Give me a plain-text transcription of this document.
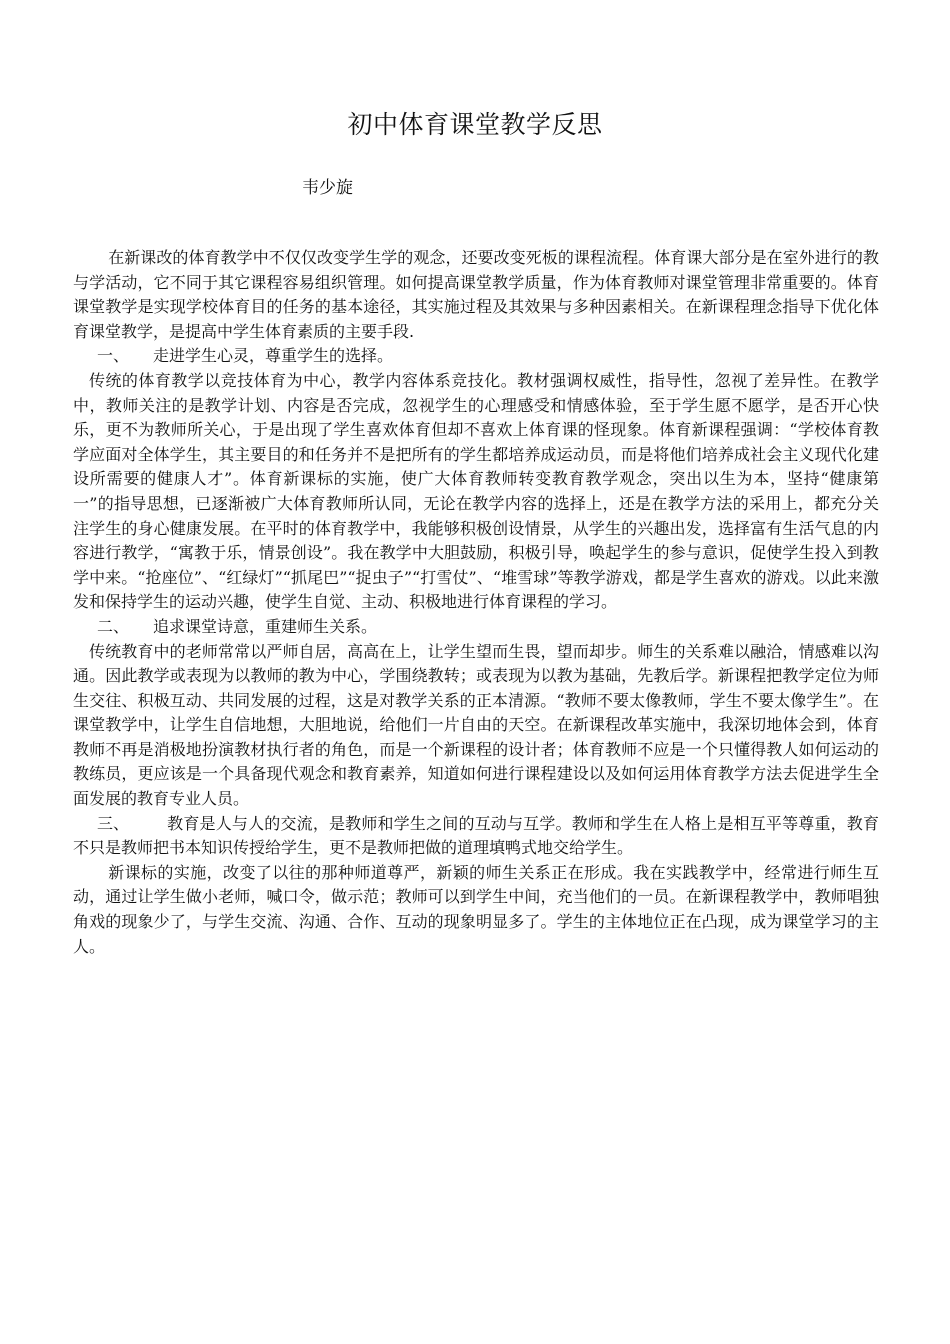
初中体育课堂教学反思
韦少旋

在新课改的体育教学中不仅仅改变学生学的观念，还要改变死板的课程流程。体育课大部分是在室外进行的教与学活动，它不同于其它课程容易组织管理。如何提高课堂教学质量，作为体育教师对课堂管理非常重要的。体育课堂教学是实现学校体育目的任务的基本途径，其实施过程及其效果与多种因素相关。在新课程理念指导下优化体育课堂教学，是提高中学生体育素质的主要手段.

一、 走进学生心灵，尊重学生的选择。

传统的体育教学以竞技体育为中心，教学内容体系竞技化。教材强调权威性，指导性，忽视了差异性。在教学中，教师关注的是教学计划、内容是否完成，忽视学生的心理感受和情感体验，至于学生愿不愿学，是否开心快乐，更不为教师所关心，于是出现了学生喜欢体育但却不喜欢上体育课的怪现象。体育新课程强调：“学校体育教学应面对全体学生，其主要目的和任务并不是把所有的学生都培养成运动员，而是将他们培养成社会主义现代化建设所需要的健康人才”。体育新课标的实施，使广大体育教师转变教育教学观念，突出以生为本，坚持“健康第一”的指导思想，已逐渐被广大体育教师所认同，无论在教学内容的选择上，还是在教学方法的采用上，都充分关注学生的身心健康发展。在平时的体育教学中，我能够积极创设情景，从学生的兴趣出发，选择富有生活气息的内容进行教学，“寓教于乐，情景创设”。我在教学中大胆鼓励，积极引导，唤起学生的参与意识，促使学生投入到教学中来。“抢座位”、“红绿灯”“抓尾巴”“捉虫子”“打雪仗”、“堆雪球”等教学游戏，都是学生喜欢的游戏。以此来激发和保持学生的运动兴趣，使学生自觉、主动、积极地进行体育课程的学习。

二、 追求课堂诗意，重建师生关系。

传统教育中的老师常常以严师自居，高高在上，让学生望而生畏，望而却步。师生的关系难以融洽，情感难以沟通。因此教学或表现为以教师的教为中心，学围绕教转；或表现为以教为基础，先教后学。新课程把教学定位为师生交往、积极互动、共同发展的过程，这是对教学关系的正本清源。“教师不要太像教师，学生不要太像学生”。在课堂教学中，让学生自信地想，大胆地说，给他们一片自由的天空。在新课程改革实施中，我深切地体会到，体育教师不再是消极地扮演教材执行者的角色，而是一个新课程的设计者；体育教师不应是一个只懂得教人如何运动的教练员，更应该是一个具备现代观念和教育素养，知道如何进行课程建设以及如何运用体育教学方法去促进学生全面发展的教育专业人员。

三、 教育是人与人的交流，是教师和学生之间的互动与互学。教师和学生在人格上是相互平等尊重，教育不只是教师把书本知识传授给学生，更不是教师把做的道理填鸭式地交给学生。

新课标的实施，改变了以往的那种师道尊严，新颖的师生关系正在形成。我在实践教学中，经常进行师生互动，通过让学生做小老师，喊口令，做示范；教师可以到学生中间，充当他们的一员。在新课程教学中，教师唱独角戏的现象少了，与学生交流、沟通、合作、互动的现象明显多了。学生的主体地位正在凸现，成为课堂学习的主人。
